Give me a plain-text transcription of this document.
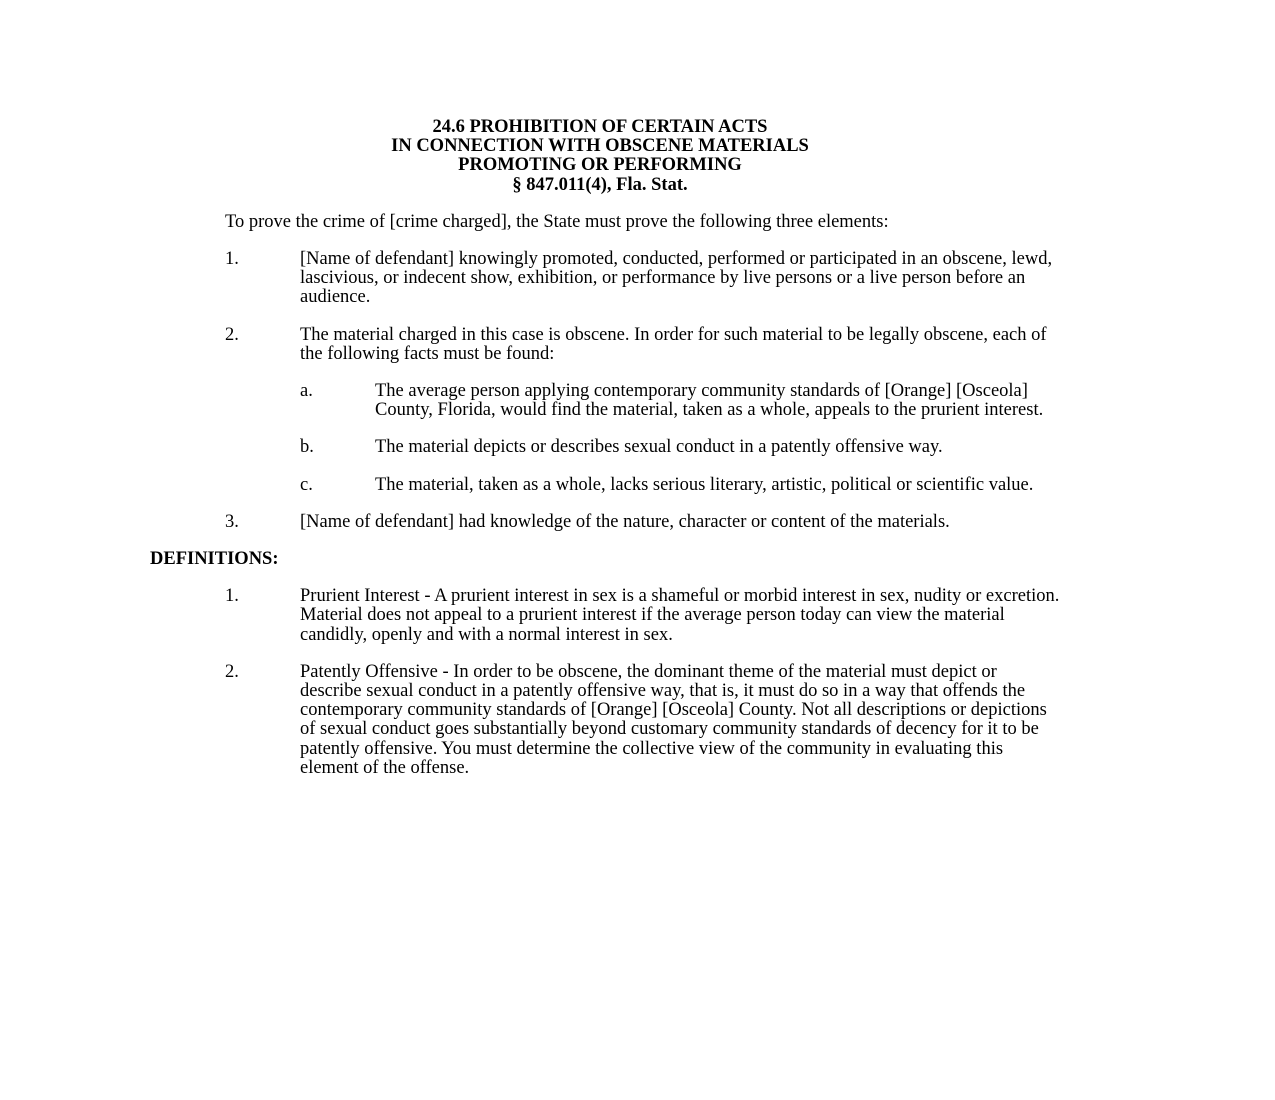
24.6 PROHIBITION OF CERTAIN ACTS
IN CONNECTION WITH OBSCENE MATERIALS
PROMOTING OR PERFORMING
§ 847.011(4), Fla. Stat.

To prove the crime of [crime charged], the State must prove the following three elements:

1.	[Name of defendant] knowingly promoted, conducted, performed or participated in an obscene, lewd, lascivious, or indecent show, exhibition, or performance by live persons or a live person before an audience.
2.	The material charged in this case is obscene. In order for such material to be legally obscene, each of the following facts must be found:
a.	The average person applying contemporary community standards of [Orange] [Osceola] County, Florida, would find the material, taken as a whole, appeals to the prurient interest.
b.	The material depicts or describes sexual conduct in a patently offensive way.
c.	The material, taken as a whole, lacks serious literary, artistic, political or scientific value.
3.	[Name of defendant] had knowledge of the nature, character or content of the materials.
DEFINITIONS:
1.	Prurient Interest - A prurient interest in sex is a shameful or morbid interest in sex, nudity or excretion. Material does not appeal to a prurient interest if the average person today can view the material candidly, openly and with a normal interest in sex.
2.	Patently Offensive - In order to be obscene, the dominant theme of the material must depict or describe sexual conduct in a patently offensive way, that is, it must do so in a way that offends the contemporary community standards of [Orange] [Osceola] County. Not all descriptions or depictions of sexual conduct goes substantially beyond customary community standards of decency for it to be patently offensive. You must determine the collective view of the community in evaluating this element of the offense.
